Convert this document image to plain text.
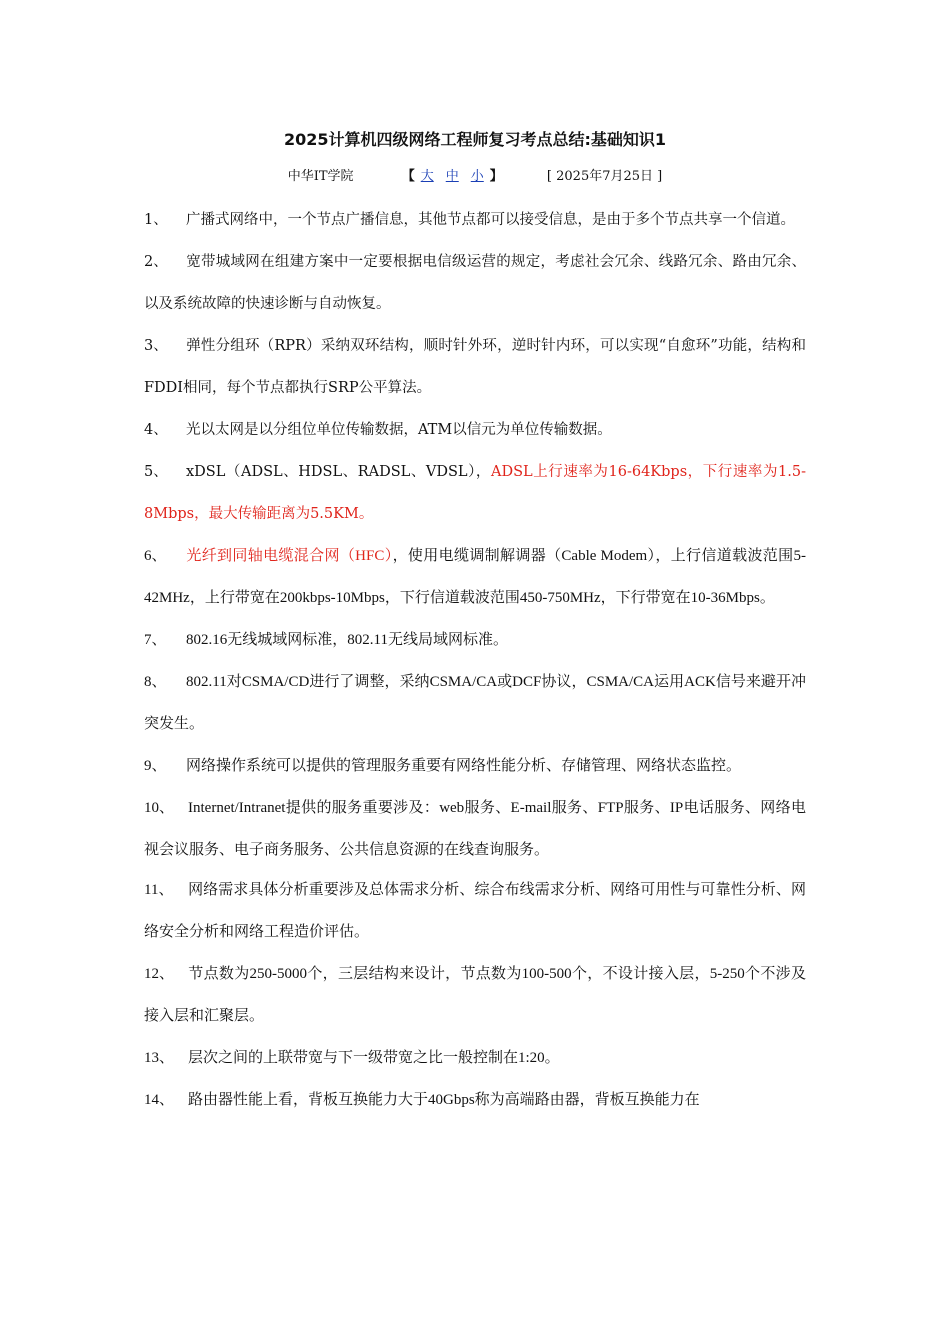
2025计算机四级网络工程师复习考点总结:基础知识1
中华IT学院	【 大 中 小 】	[ 2025年7月25日 ]

1、 广播式网络中，一个节点广播信息，其他节点都可以接受信息，是由于多个节点共享一个信道。

2、 宽带城域网在组建方案中一定要根据电信级运营的规定，考虑社会冗余、线路冗余、路由冗余、以及系统故障的快速诊断与自动恢复。

3、 弹性分组环（RPR）采纳双环结构，顺时针外环，逆时针内环，可以实现“自愈环”功能，结构和FDDI相同，每个节点都执行SRP公平算法。

4、 光以太网是以分组位单位传输数据，ATM以信元为单位传输数据。

5、 xDSL（ADSL、HDSL、RADSL、VDSL），ADSL上行速率为16-64Kbps，下行速率为1.5-8Mbps，最大传输距离为5.5KM。

6、 光纤到同轴电缆混合网（HFC），使用电缆调制解调器（Cable Modem），上行信道载波范围5-42MHz，上行带宽在200kbps-10Mbps，下行信道载波范围450-750MHz，下行带宽在10-36Mbps。

7、 802.16无线城域网标准，802.11无线局域网标准。

8、 802.11对CSMA/CD进行了调整，采纳CSMA/CA或DCF协议，CSMA/CA运用ACK信号来避开冲突发生。

9、 网络操作系统可以提供的管理服务重要有网络性能分析、存储管理、网络状态监控。

10、 Internet/Intranet提供的服务重要涉及：web服务、E-mail服务、FTP服务、IP电话服务、网络电视会议服务、电子商务服务、公共信息资源的在线查询服务。

11、 网络需求具体分析重要涉及总体需求分析、综合布线需求分析、网络可用性与可靠性分析、网络安全分析和网络工程造价评估。

12、 节点数为250-5000个，三层结构来设计，节点数为100-500个，不设计接入层，5-250个不涉及接入层和汇聚层。

13、 层次之间的上联带宽与下一级带宽之比一般控制在1:20。

14、 路由器性能上看，背板互换能力大于40Gbps称为高端路由器，背板互换能力在
